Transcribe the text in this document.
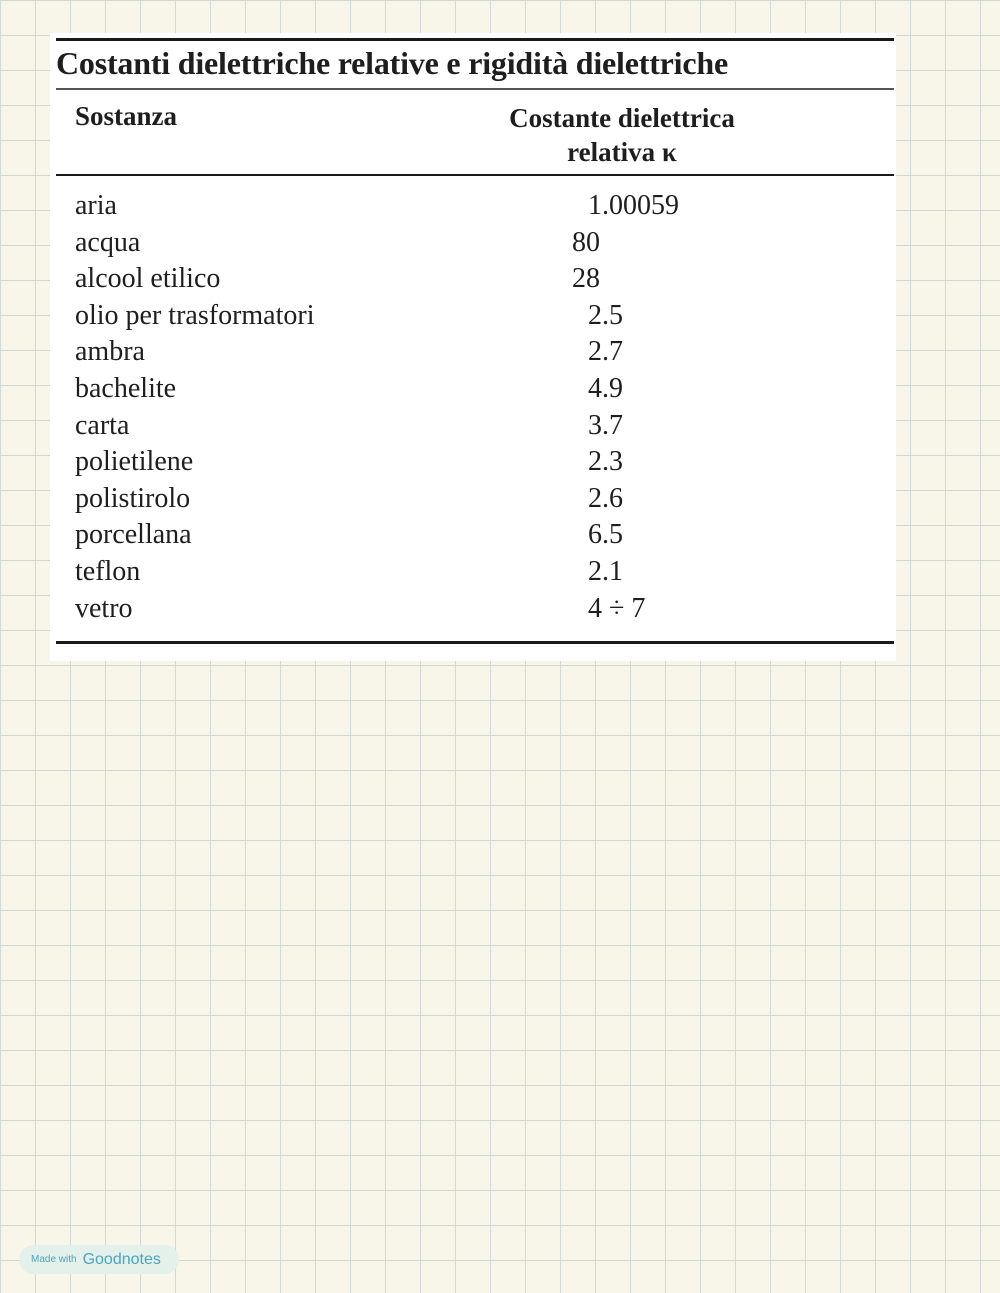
Costanti dielettriche relative e rigidità dielettriche
Sostanza	Costante dielettrica
relativa κ
aria	1.00059
acqua	80
alcool etilico	28
olio per trasformatori	2.5
ambra	2.7
bachelite	4.9
carta	3.7
polietilene	2.3
polistirolo	2.6
porcellana	6.5
teflon	2.1
vetro	4 ÷ 7
Made with Goodnotes
